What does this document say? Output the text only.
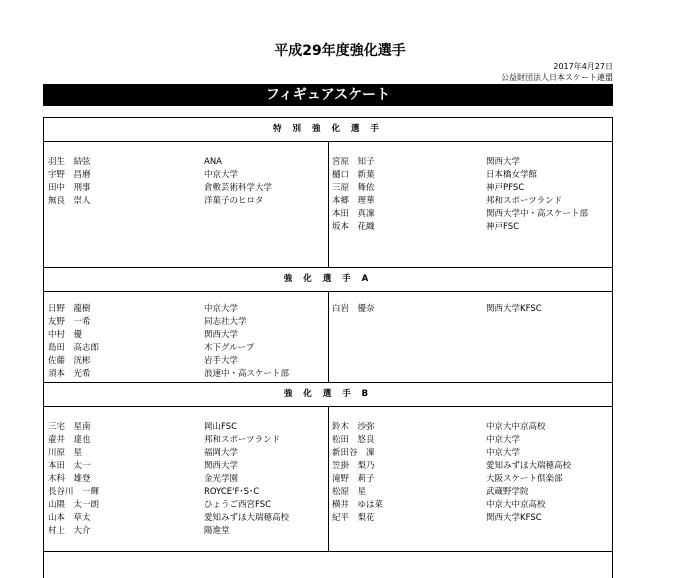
平成29年度強化選手
2017年4月27日
公益財団法人日本スケート連盟
フィギュアスケート
特 別 強 化 選 手
羽生　結弦	ANA
宇野　昌磨	中京大学
田中　刑事	倉敷芸術科学大学
無良　崇人	洋菓子のヒロタ
宮原　知子	関西大学
樋口　新葉	日本橋女学館
三原　舞依	神戸PFSC
本郷　理華	邦和スポーツランド
本田　真凜	関西大学中・高スケート部
坂本　花織	神戸FSC
強 化 選 手 A
日野　龍樹	中京大学
友野　一希	同志社大学
中村　優	関西大学
島田　高志郎	木下グループ
佐藤　洸彬	岩手大学
須本　光希	浪速中・高スケート部
白岩　優奈	関西大学KFSC
強 化 選 手 B
三宅　星南	岡山FSC
壷井　達也	邦和スポーツランド
川原　星	福岡大学
本田　太一	関西大学
木科　雄登	金光学園
長谷川　一輝	ROYCE'F･S･C
山隈　太一朗	ひょうご西宮FSC
山本　草太	愛知みずほ大瑞穂高校
村上　大介	陽進堂
鈴木　沙弥	中京大中京高校
松田　悠良	中京大学
新田谷　凜	中京大学
笠掛　梨乃	愛知みずほ大瑞穂高校
滝野　莉子	大阪スケート倶楽部
松原　星	武蔵野学院
横井　ゆは菜	中京大中京高校
紀平　梨花	関西大学KFSC
